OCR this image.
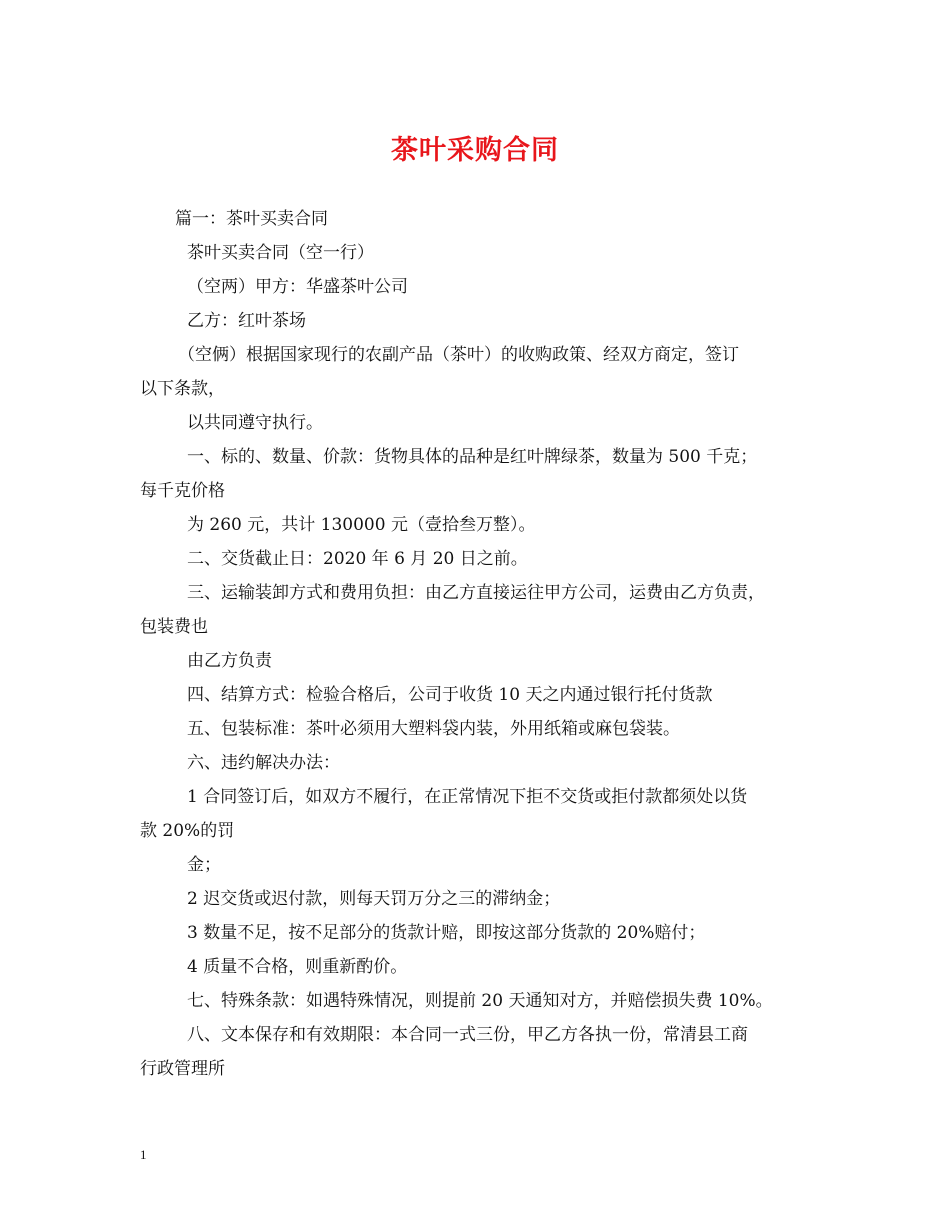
茶叶采购合同
篇一：茶叶买卖合同
茶叶买卖合同（空一行）
（空两）甲方：华盛茶叶公司
乙方：红叶茶场
（空俩）根据国家现行的农副产品（茶叶）的收购政策、经双方商定，签订
以下条款，
以共同遵守执行。
一、标的、数量、价款：货物具体的品种是红叶牌绿茶，数量为 500 千克；
每千克价格
为 260 元，共计 130000 元（壹拾叁万整）。
二、交货截止日：2020 年 6 月 20 日之前。
三、运输装卸方式和费用负担：由乙方直接运往甲方公司，运费由乙方负责，
包装费也
由乙方负责
四、结算方式：检验合格后，公司于收货 10 天之内通过银行托付货款
五、包装标准：茶叶必须用大塑料袋内装，外用纸箱或麻包袋装。
六、违约解决办法：
1 合同签订后，如双方不履行，在正常情况下拒不交货或拒付款都须处以货
款 20%的罚
金；
2 迟交货或迟付款，则每天罚万分之三的滞纳金；
3 数量不足，按不足部分的货款计赔，即按这部分货款的 20%赔付；
4 质量不合格，则重新酌价。
七、特殊条款：如遇特殊情况，则提前 20 天通知对方，并赔偿损失费 10%。
八、文本保存和有效期限：本合同一式三份，甲乙方各执一份，常清县工商
行政管理所
1
